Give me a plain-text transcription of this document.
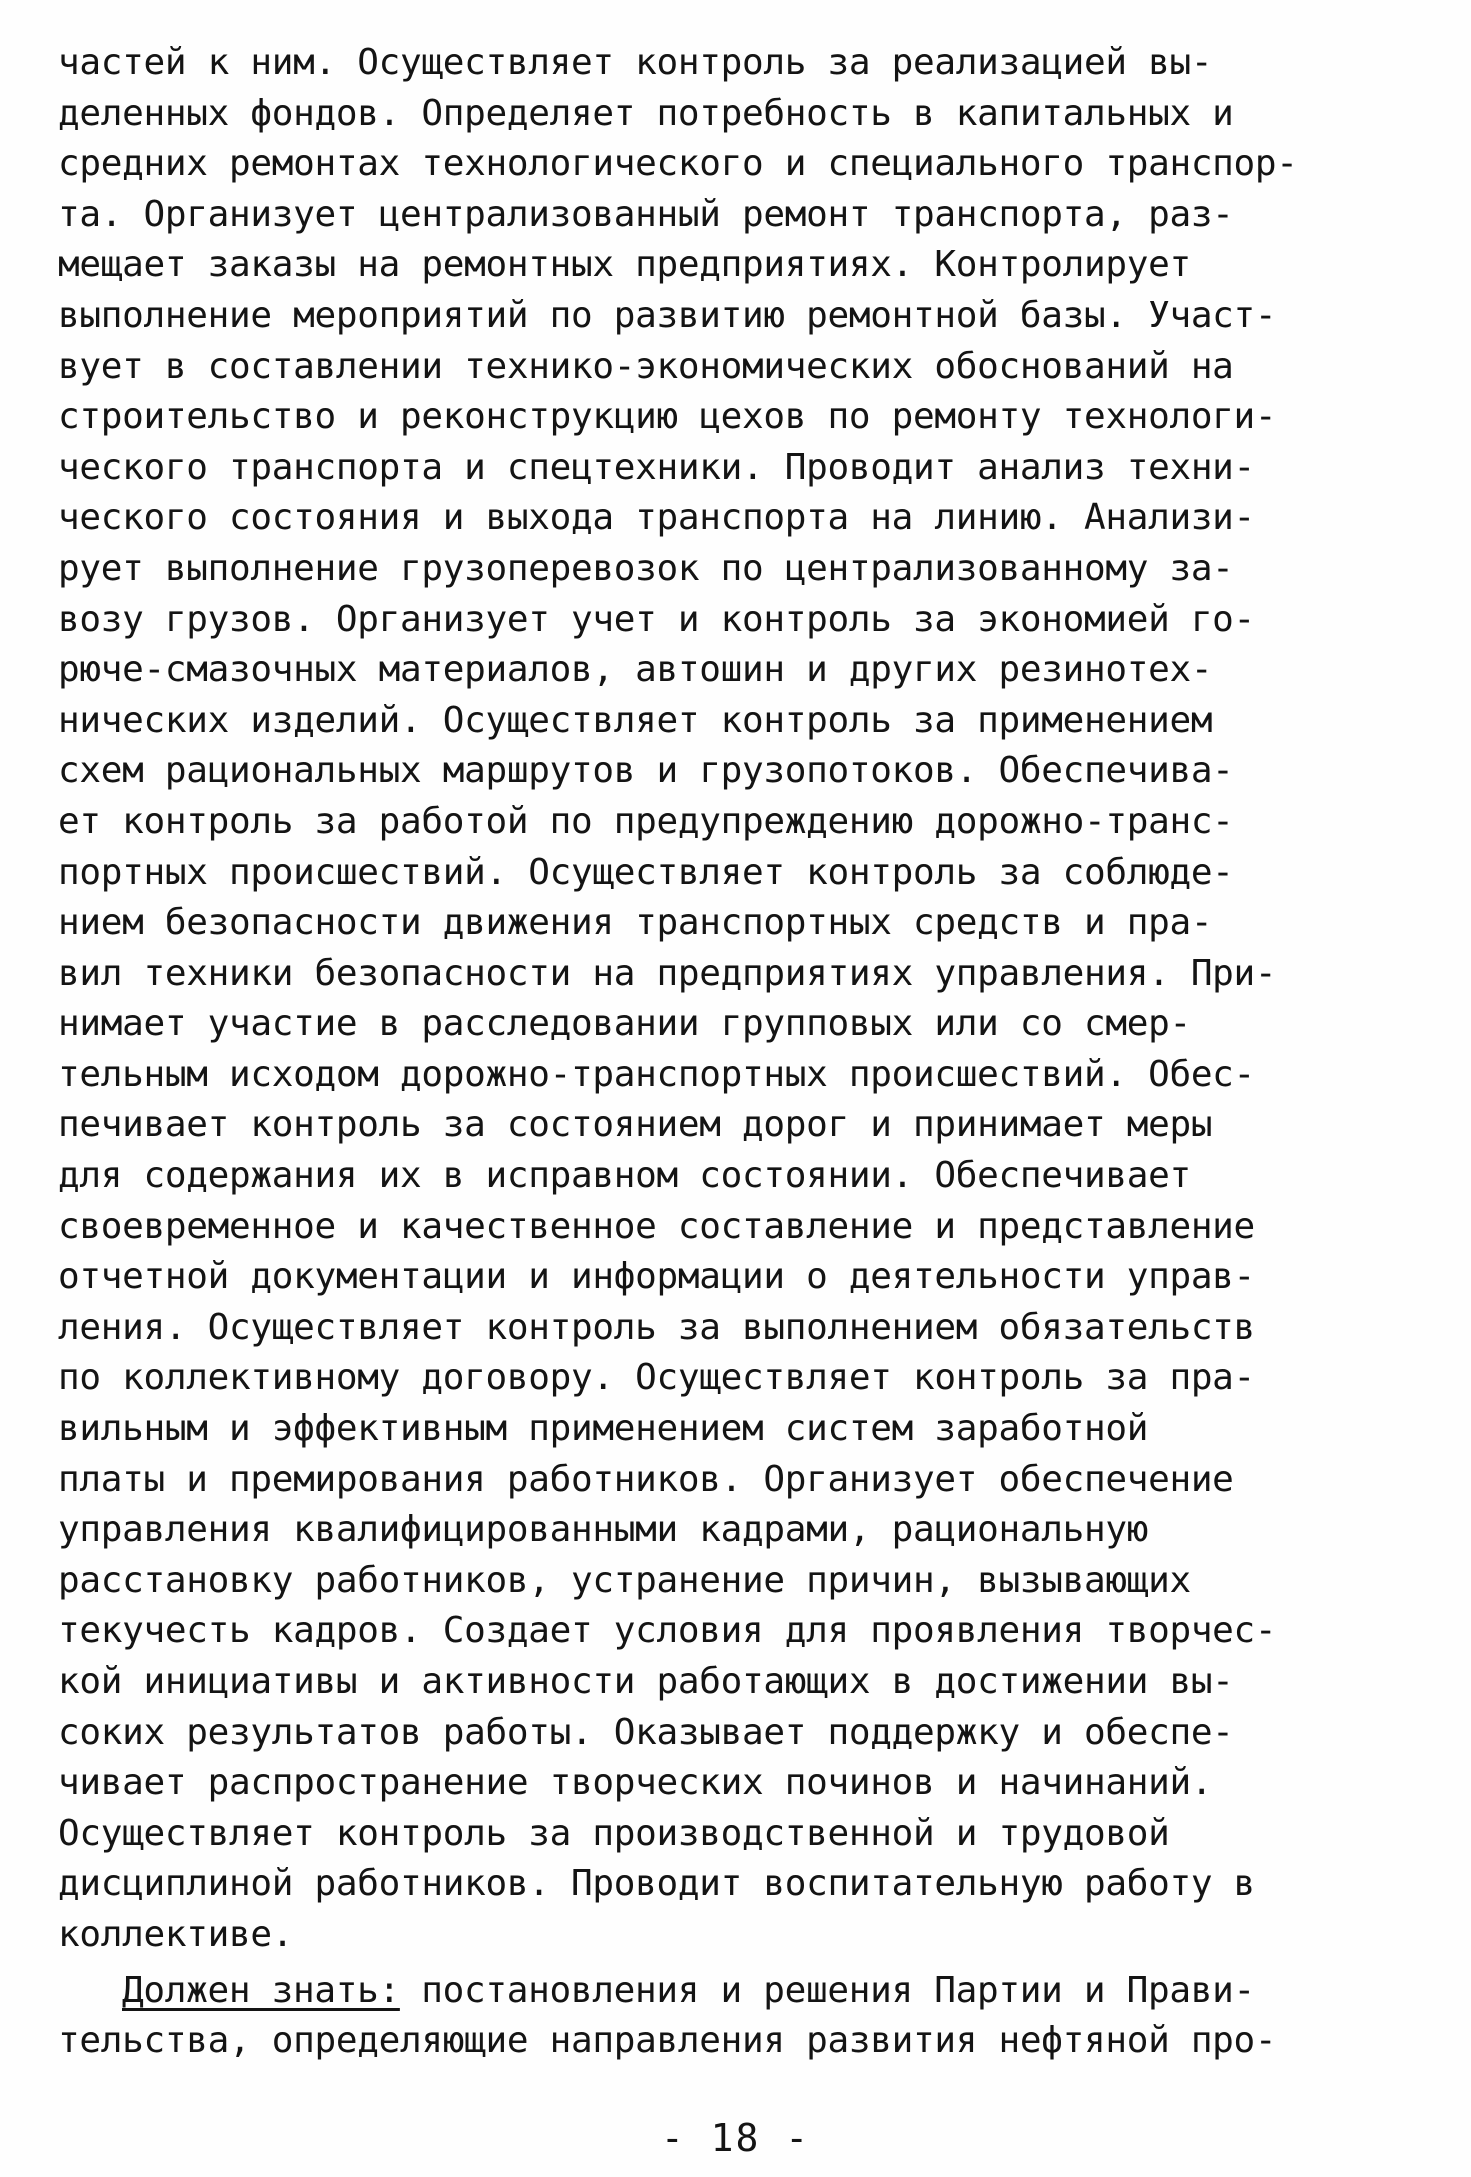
частей к ним. Осуществляет контроль за реализацией вы-
деленных фондов. Определяет потребность в капитальных и
средних ремонтах технологического и специального транспор-
та. Организует централизованный ремонт транспорта, раз-
мещает заказы на ремонтных предприятиях. Контролирует
выполнение мероприятий по развитию ремонтной базы. Участ-
вует в составлении технико-экономических обоснований на
строительство и реконструкцию цехов по ремонту технологи-
ческого транспорта и спецтехники. Проводит анализ техни-
ческого состояния и выхода транспорта на линию. Анализи-
рует выполнение грузоперевозок по централизованному за-
возу грузов. Организует учет и контроль за экономией го-
рюче-смазочных материалов, автошин и других резинотех-
нических изделий. Осуществляет контроль за применением
схем рациональных маршрутов и грузопотоков. Обеспечива-
ет контроль за работой по предупреждению дорожно-транс-
портных происшествий. Осуществляет контроль за соблюде-
нием безопасности движения транспортных средств и пра-
вил техники безопасности на предприятиях управления. При-
нимает участие в расследовании групповых или со смер-
тельным исходом дорожно-транспортных происшествий. Обес-
печивает контроль за состоянием дорог и принимает меры
для содержания их в исправном состоянии. Обеспечивает
своевременное и качественное составление и представление
отчетной документации и информации о деятельности управ-
ления. Осуществляет контроль за выполнением обязательств
по коллективному договору. Осуществляет контроль за пра-
вильным и эффективным применением систем заработной
платы и премирования работников. Организует обеспечение
управления квалифицированными кадрами, рациональную
расстановку работников, устранение причин, вызывающих
текучесть кадров. Создает условия для проявления творчес-
кой инициативы и активности работающих в достижении вы-
соких результатов работы. Оказывает поддержку и обеспе-
чивает распространение творческих починов и начинаний.
Осуществляет контроль за производственной и трудовой
дисциплиной работников. Проводит воспитательную работу в
коллективе.
Должен знать: постановления и решения Партии и Прави-
тельства, определяющие направления развития нефтяной про-
- 18 -
